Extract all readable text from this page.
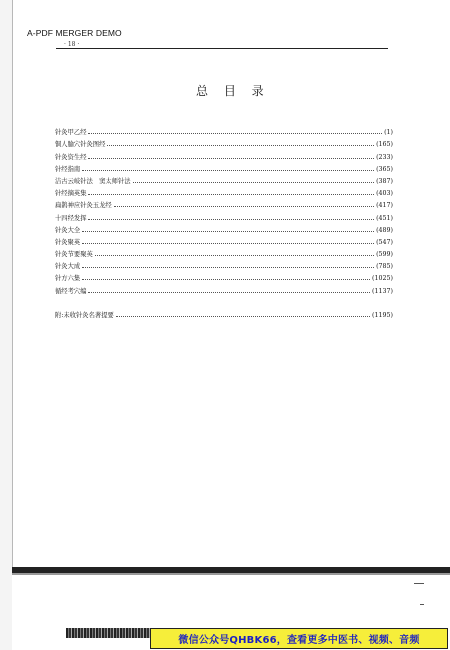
A-PDF MERGER DEMO
· 18 ·
总 目 录
针灸甲乙经	(1)
铜人腧穴针灸图经	(165)
针灸资生经	(233)
针经指南	(365)
洁古云岐针法　窦太师针法	(387)
针经摘英集	(403)
扁鹊神应针灸玉龙经	(417)
十四经发挥	(451)
针灸大全	(489)
针灸聚英	(547)
针灸节要聚英	(599)
针灸大成	(785)
针方六集	(1025)
循经考穴编	(1137)
附:未收针灸名著提要	(1195)
微信公众号QHBK66，查看更多中医书、视频、音频
